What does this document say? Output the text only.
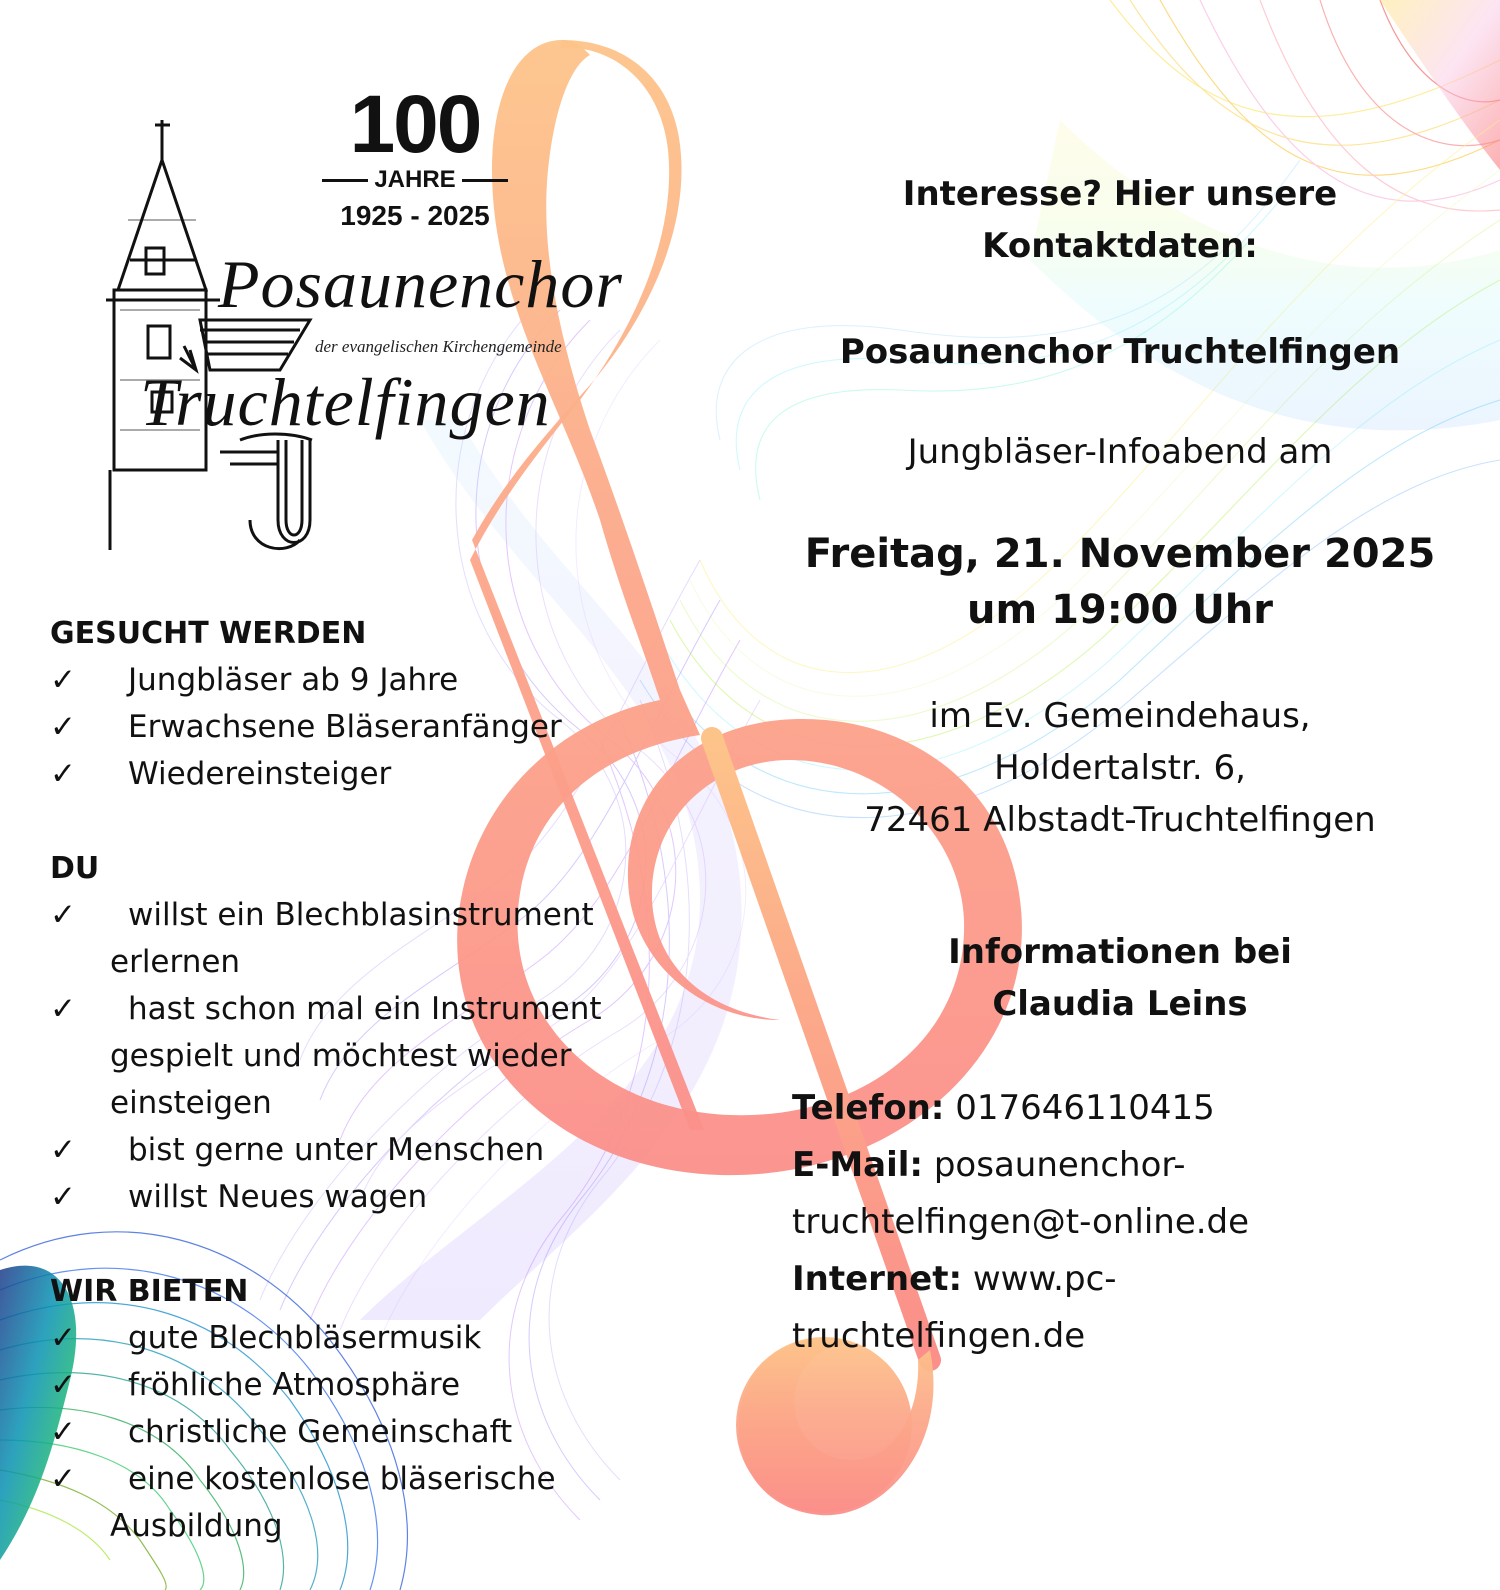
100
JAHRE
1925 - 2025
Posaunenchor
der evangelischen Kirchengemeinde
Truchtelfingen
GESUCHT WERDEN
✓	Jungbläser ab 9 Jahre
✓	Erwachsene Bläseranfänger
✓	Wiedereinsteiger
DU
✓	willst ein Blechblasinstrument erlernen
✓	hast schon mal ein Instrument gespielt und möchtest wieder einsteigen
✓	bist gerne unter Menschen
✓	willst Neues wagen
WIR BIETEN
✓	gute Blechbläsermusik
✓	fröhliche Atmosphäre
✓	christliche Gemeinschaft
✓	eine kostenlose bläserische Ausbildung
Interesse? Hier unsere
Kontaktdaten:
Posaunenchor Truchtelfingen
Jungbläser-Infoabend am
Freitag, 21. November 2025
um 19:00 Uhr
im Ev. Gemeindehaus,
Holdertalstr. 6,
72461 Albstadt-Truchtelfingen
Informationen bei
Claudia Leins
Telefon: 017646110415
E-Mail: posaunenchor-truchtelfingen@t-online.de
Internet: www.pc-truchtelfingen.de
